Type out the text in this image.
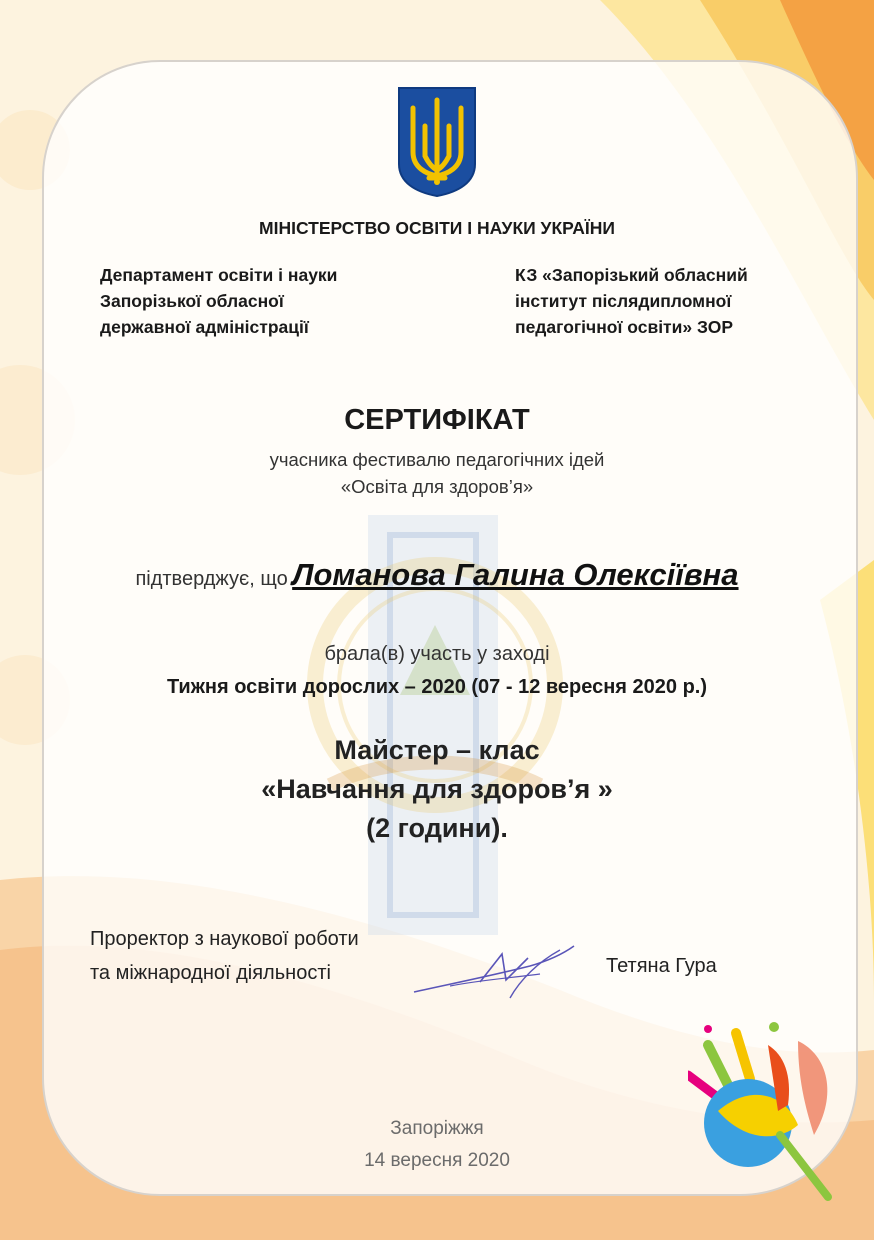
МІНІСТЕРСТВО ОСВІТИ І НАУКИ УКРАЇНИ
Департамент освіти і науки
Запорізької обласної
державної адміністрації
КЗ «Запорізький обласний
інститут післядипломної
педагогічної освіти» ЗОР
СЕРТИФІКАТ
учасника фестивалю педагогічних ідей
«Освіта для здоров’я»
підтверджує, що Ломанова Галина Олексіївна
брала(в) участь у заході
Тижня освіти дорослих – 2020 (07 - 12 вересня 2020 р.)
Майстер – клас
«Навчання для здоров’я »
(2 години).
Проректор з наукової роботи
та міжнародної діяльності	Тетяна Гура
Запоріжжя
14 вересня 2020
